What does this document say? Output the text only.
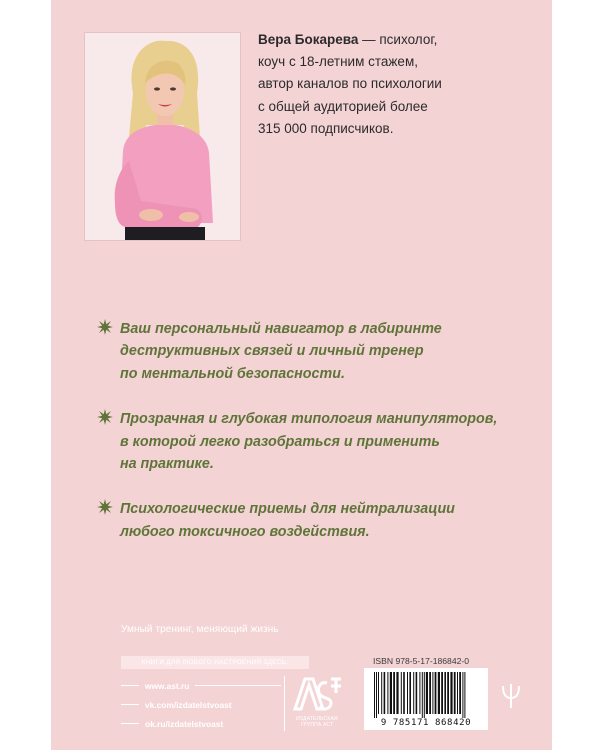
Вера Бокарева — психолог,
коуч с 18-летним стажем,
автор каналов по психологии
с общей аудиторией более
315 000 подписчиков.

Ваш персональный навигатор в лабиринте
деструктивных связей и личный тренер
по ментальной безопасности.

Прозрачная и глубокая типология манипуляторов,
в которой легко разобраться и применить
на практике.

Психологические приемы для нейтрализации
любого токсичного воздействия.

Умный тренинг, меняющий жизнь

КНИГИ ДЛЯ ЛЮБОГО НАСТРОЕНИЯ ЗДЕСЬ:
www.ast.ru
vk.com/izdatelstvoast
ok.ru/izdatelstvoast
АСТ
ИЗДАТЕЛЬСКАЯ
ГРУППА АСТ

ISBN 978-5-17-186842-0

9 785171 868420
